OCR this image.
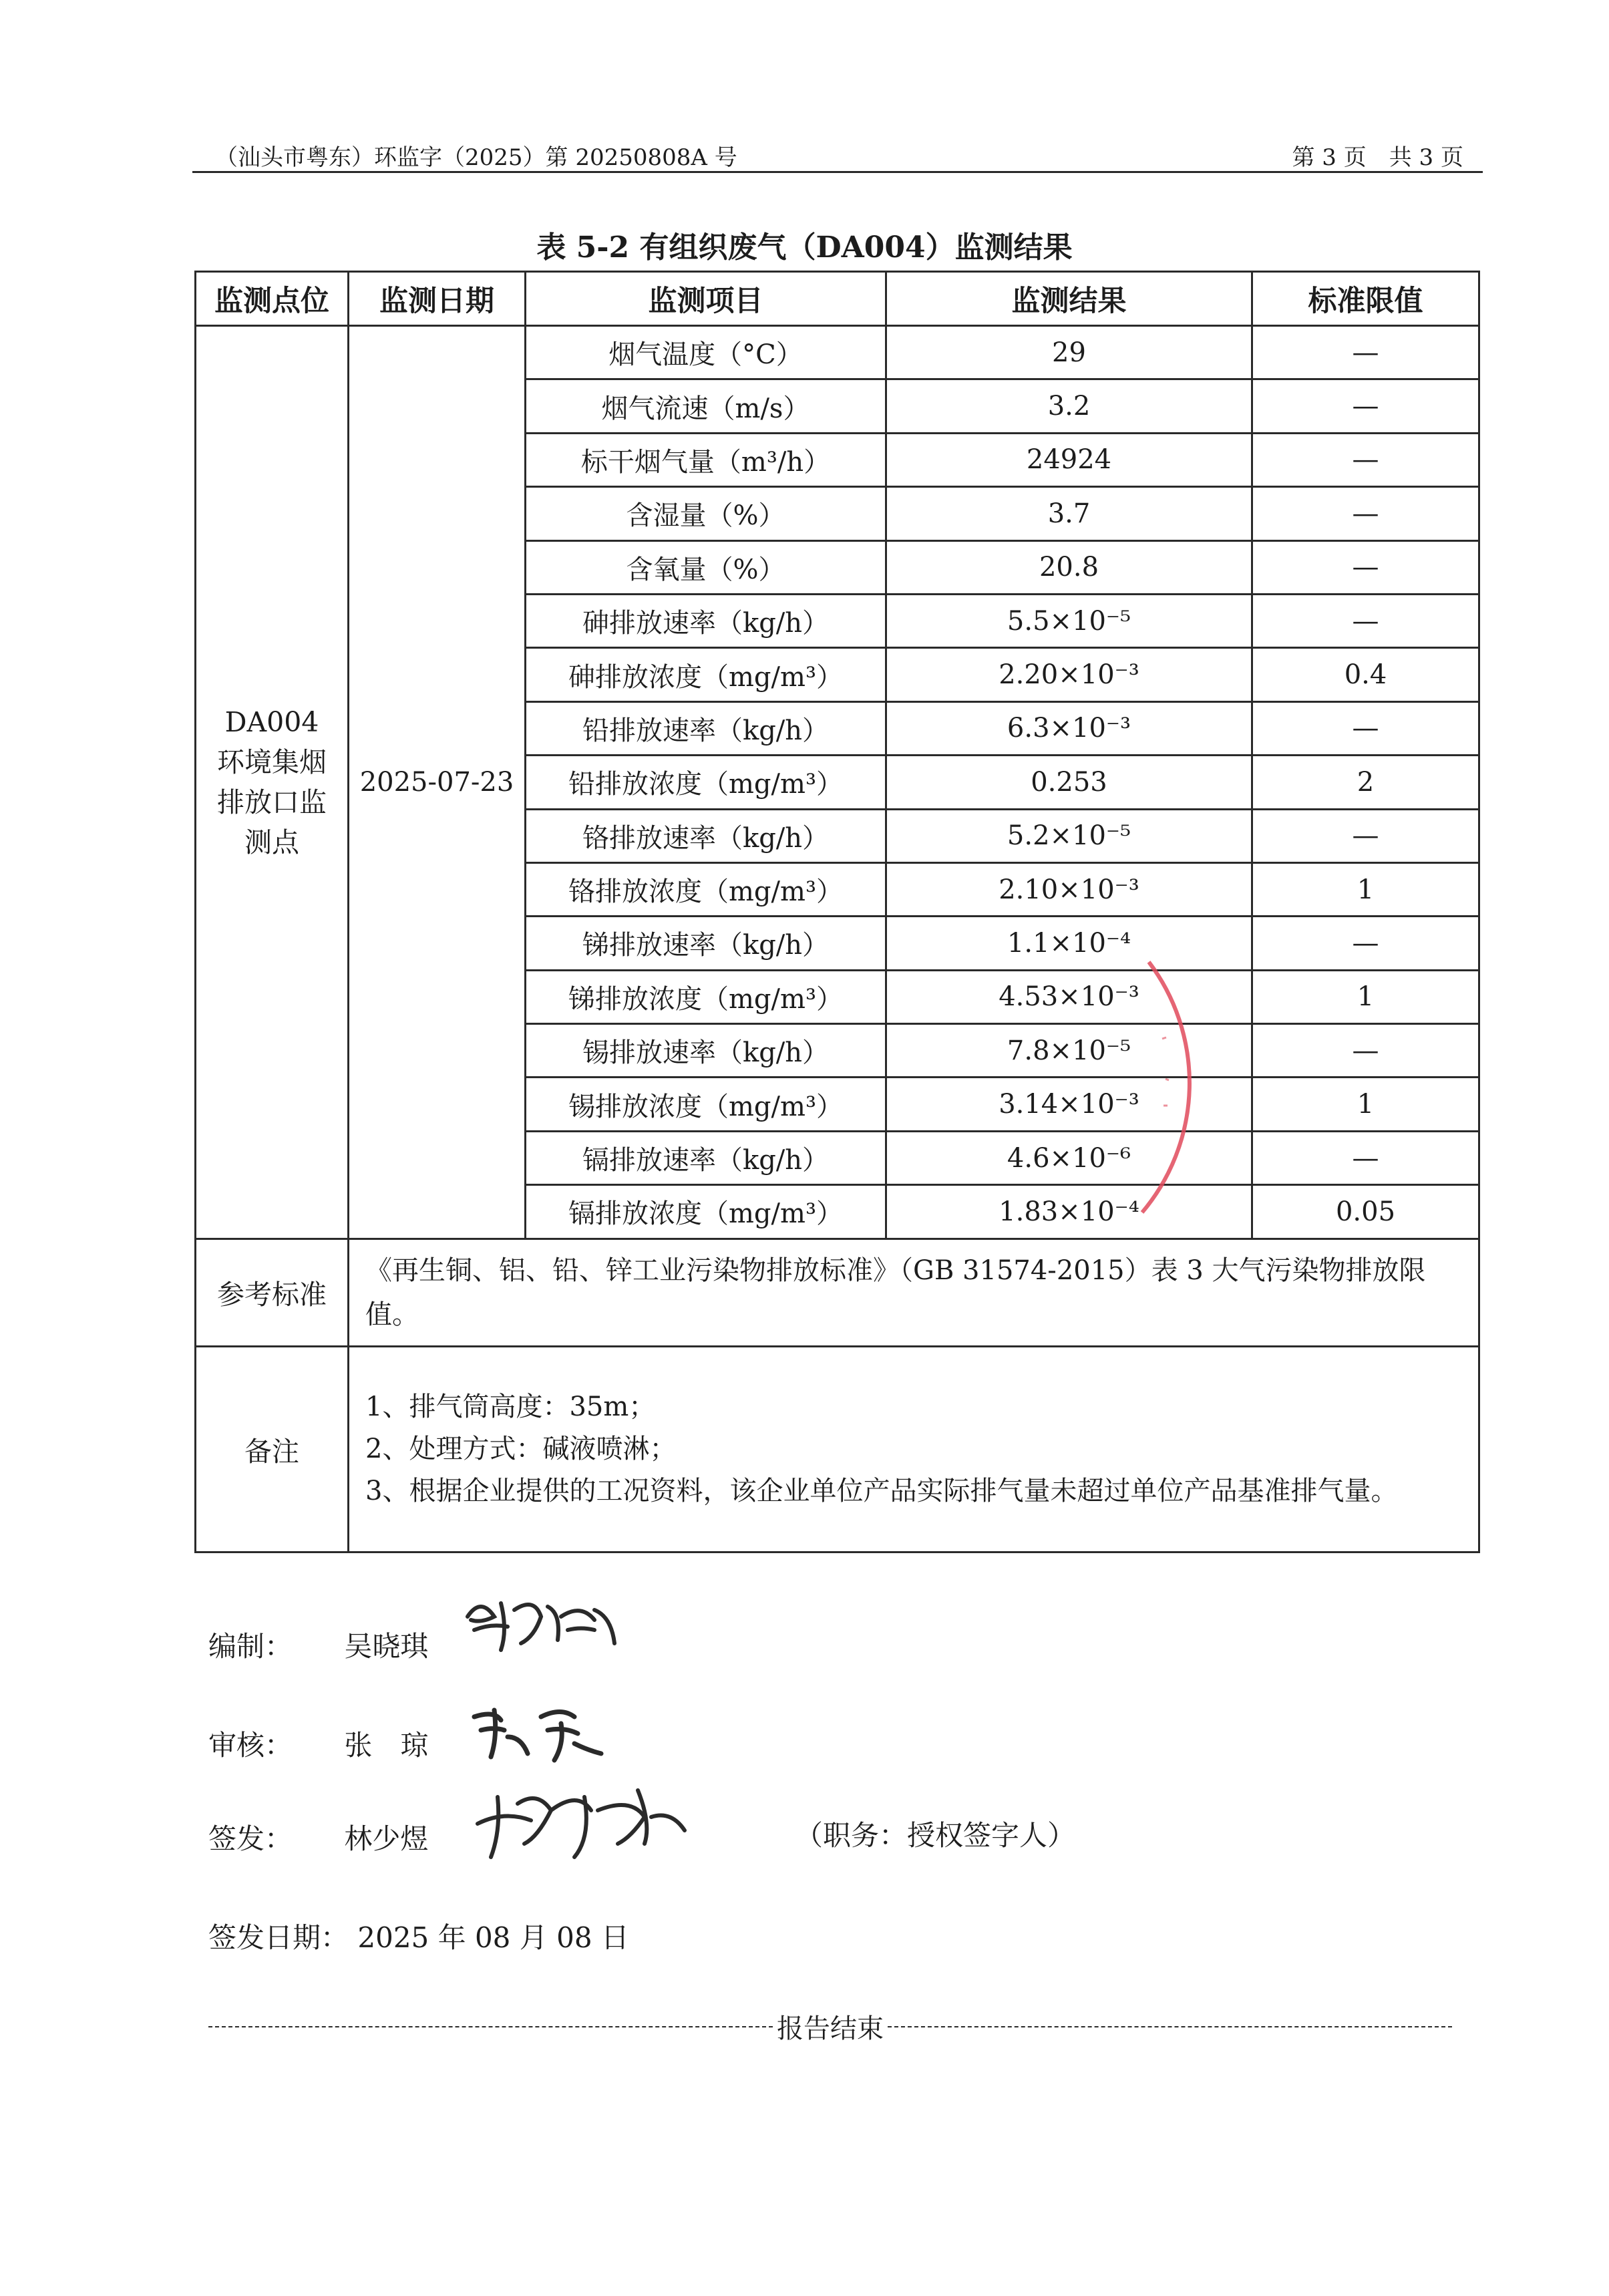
（汕头市粤东）环监字（2025）第 20250808A 号	第 3 页　共 3 页
表 5-2 有组织废气（DA004）监测结果
监测点位	监测日期	监测项目	监测结果	标准限值

DA004
环境集烟
排放口监
测点	2025-07-23	烟气温度（°C）	29	—
		烟气流速（m/s）	3.2	—
		标干烟气量（m³/h）	24924	—
		含湿量（%）	3.7	—
		含氧量（%）	20.8	—
		砷排放速率（kg/h）	5.5×10⁻⁵	—
		砷排放浓度（mg/m³）	2.20×10⁻³	0.4
		铅排放速率（kg/h）	6.3×10⁻³	—
		铅排放浓度（mg/m³）	0.253	2
		铬排放速率（kg/h）	5.2×10⁻⁵	—
		铬排放浓度（mg/m³）	2.10×10⁻³	1
		锑排放速率（kg/h）	1.1×10⁻⁴	—
		锑排放浓度（mg/m³）	4.53×10⁻³	1
		锡排放速率（kg/h）	7.8×10⁻⁵	—
		锡排放浓度（mg/m³）	3.14×10⁻³	1
		镉排放速率（kg/h）	4.6×10⁻⁶	—
		镉排放浓度（mg/m³）	1.83×10⁻⁴	0.05
参考标准	《再生铜、铝、铅、锌工业污染物排放标准》（GB 31574-2015）表 3 大气污染物排放限值。			
备注	1、排气筒高度：35m；
2、处理方式：碱液喷淋；
3、根据企业提供的工况资料，该企业单位产品实际排气量未超过单位产品基准排气量。			
编制： 吴晓琪
审核： 张　琼
签发： 林少煜	（职务：授权签字人）
签发日期： 2025 年 08 月 08 日
报告结束
